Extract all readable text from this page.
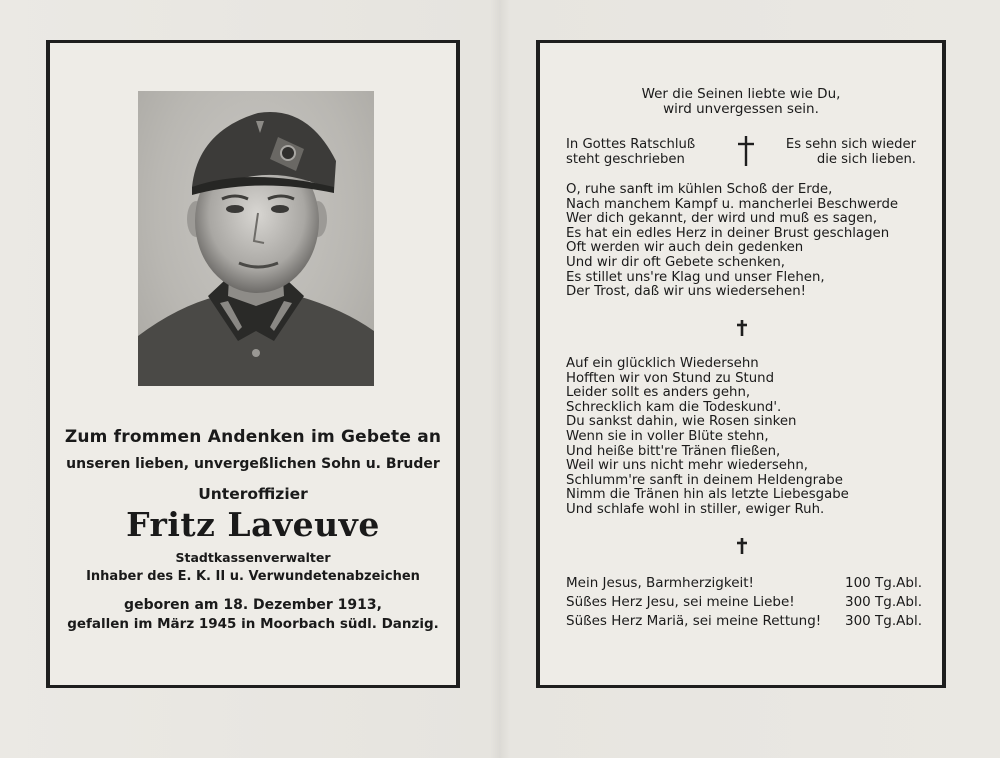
Zum frommen Andenken im Gebete an
unseren lieben, unvergeßlichen Sohn u. Bruder
Unteroffizier
Fritz Laveuve
Stadtkassenverwalter
Inhaber des E. K. II u. Verwundetenabzeichen
geboren am 18. Dezember 1913,
gefallen im März 1945 in Moorbach südl. Danzig.
Wer die Seinen liebte wie Du,
wird unvergessen sein.
In Gottes Ratschluß
steht geschrieben
Es sehn sich wieder
die sich lieben.
O, ruhe sanft im kühlen Schoß der Erde,
Nach manchem Kampf u. mancherlei Beschwerde
Wer dich gekannt, der wird und muß es sagen,
Es hat ein edles Herz in deiner Brust geschlagen
Oft werden wir auch dein gedenken
Und wir dir oft Gebete schenken,
Es stillet uns're Klag und unser Flehen,
Der Trost, daß wir uns wiedersehen!
Auf ein glücklich Wiedersehn
Hofften wir von Stund zu Stund
Leider sollt es anders gehn,
Schrecklich kam die Todeskund'.
Du sankst dahin, wie Rosen sinken
Wenn sie in voller Blüte stehn,
Und heiße bitt're Tränen fließen,
Weil wir uns nicht mehr wiedersehn,
Schlumm're sanft in deinem Heldengrabe
Nimm die Tränen hin als letzte Liebesgabe
Und schlafe wohl in stiller, ewiger Ruh.
Mein Jesus, Barmherzigkeit!	100 Tg.Abl.
Süßes Herz Jesu, sei meine Liebe!	300 Tg.Abl.
Süßes Herz Mariä, sei meine Rettung! 300 Tg.Abl.
